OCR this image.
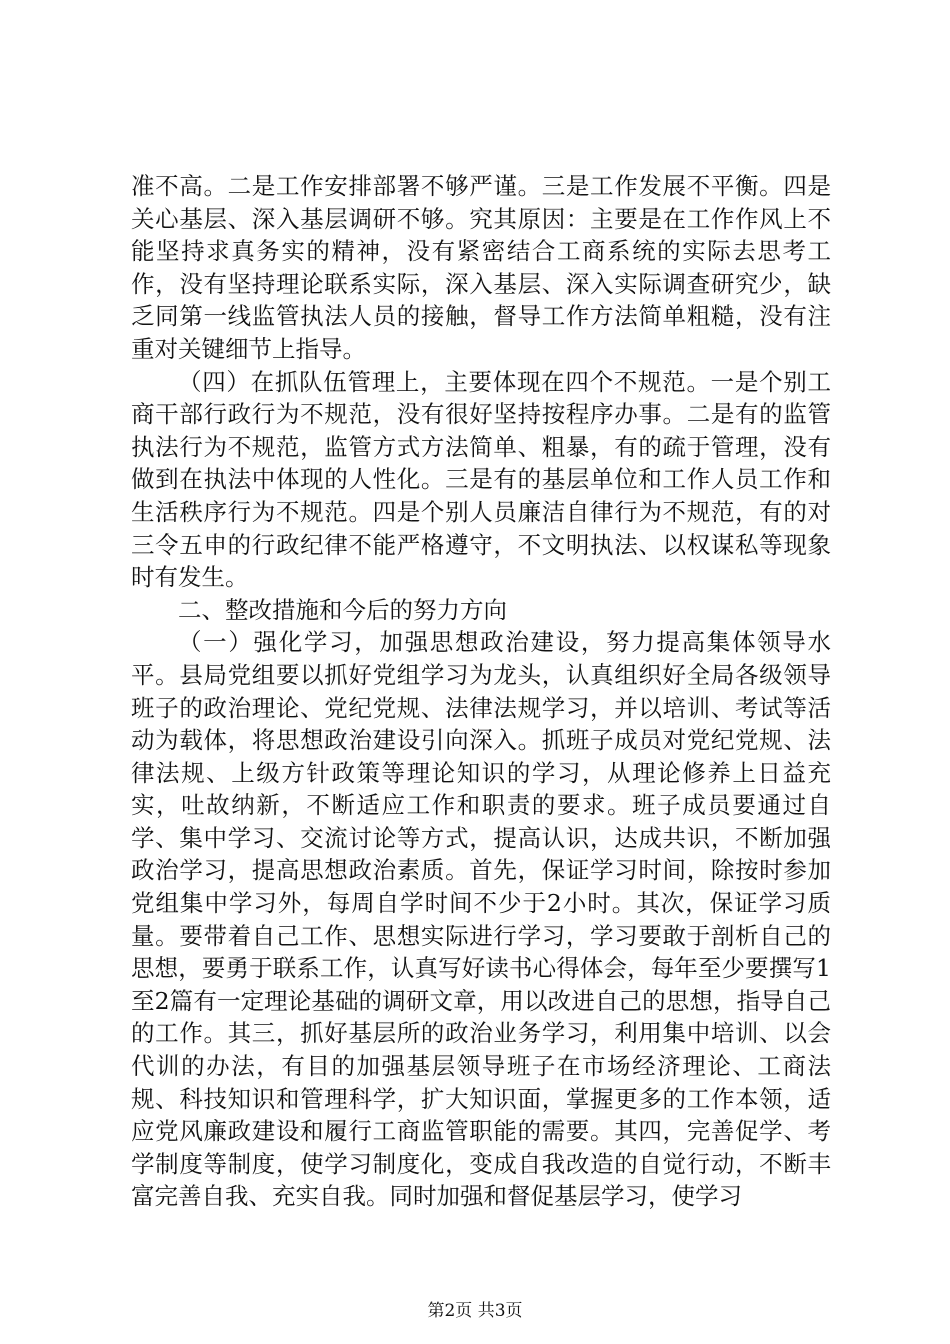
准不高。二是工作安排部署不够严谨。三是工作发展不平衡。四是关心基层、深入基层调研不够。究其原因：主要是在工作作风上不能坚持求真务实的精神，没有紧密结合工商系统的实际去思考工作，没有坚持理论联系实际，深入基层、深入实际调查研究少，缺乏同第一线监管执法人员的接触，督导工作方法简单粗糙，没有注重对关键细节上指导。

（四）在抓队伍管理上，主要体现在四个不规范。一是个别工商干部行政行为不规范，没有很好坚持按程序办事。二是有的监管执法行为不规范，监管方式方法简单、粗暴，有的疏于管理，没有做到在执法中体现的人性化。三是有的基层单位和工作人员工作和生活秩序行为不规范。四是个别人员廉洁自律行为不规范，有的对三令五申的行政纪律不能严格遵守，不文明执法、以权谋私等现象时有发生。

二、整改措施和今后的努力方向

（一）强化学习，加强思想政治建设，努力提高集体领导水平。县局党组要以抓好党组学习为龙头，认真组织好全局各级领导班子的政治理论、党纪党规、法律法规学习，并以培训、考试等活动为载体，将思想政治建设引向深入。抓班子成员对党纪党规、法律法规、上级方针政策等理论知识的学习，从理论修养上日益充实，吐故纳新，不断适应工作和职责的要求。班子成员要通过自学、集中学习、交流讨论等方式，提高认识，达成共识，不断加强政治学习，提高思想政治素质。首先，保证学习时间，除按时参加党组集中学习外，每周自学时间不少于2小时。其次，保证学习质量。要带着自己工作、思想实际进行学习，学习要敢于剖析自己的思想，要勇于联系工作，认真写好读书心得体会，每年至少要撰写1至2篇有一定理论基础的调研文章，用以改进自己的思想，指导自己的工作。其三，抓好基层所的政治业务学习，利用集中培训、以会代训的办法，有目的加强基层领导班子在市场经济理论、工商法规、科技知识和管理科学，扩大知识面，掌握更多的工作本领，适应党风廉政建设和履行工商监管职能的需要。其四，完善促学、考学制度等制度，使学习制度化，变成自我改造的自觉行动，不断丰富完善自我、充实自我。同时加强和督促基层学习，使学习

第2页 共3页
